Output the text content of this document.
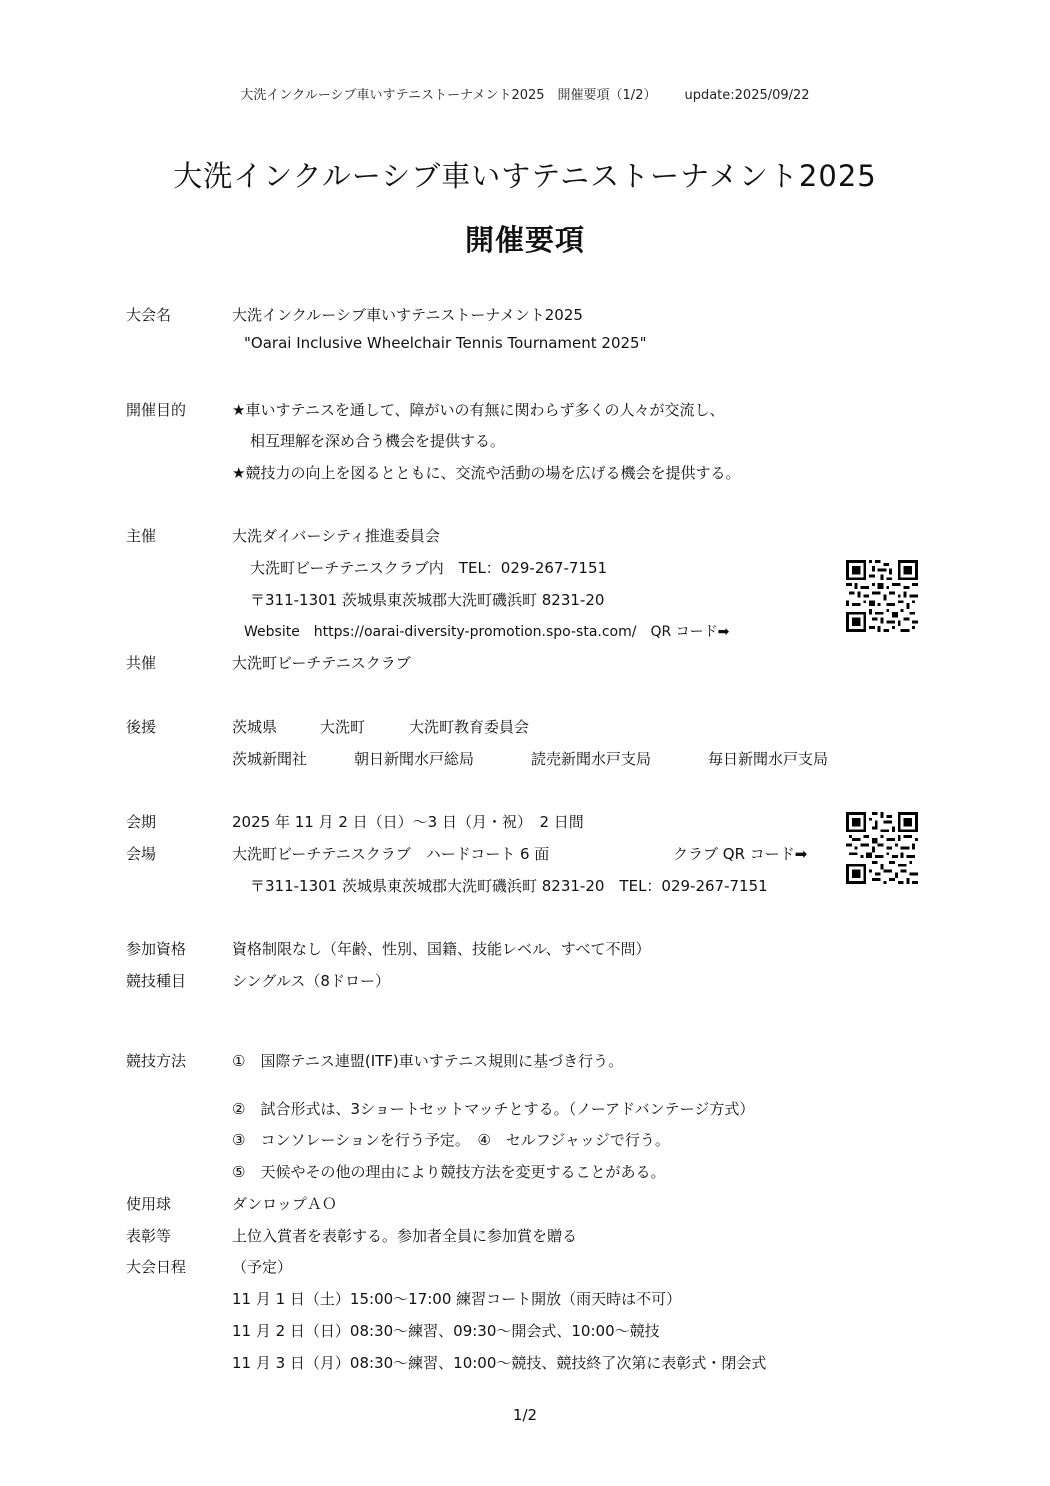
大洗インクルーシブ車いすテニストーナメント2025　開催要項（1/2） update:2025/09/22
大洗インクルーシブ車いすテニストーナメント2025
開催要項
大会名	大洗インクルーシブ車いすテニストーナメント2025
"Oarai Inclusive Wheelchair Tennis Tournament 2025"
開催目的	★車いすテニスを通して、障がいの有無に関わらず多くの人々が交流し、
相互理解を深め合う機会を提供する。
★競技力の向上を図るとともに、交流や活動の場を広げる機会を提供する。
主催	大洗ダイバーシティ推進委員会
大洗町ビーチテニスクラブ内　TEL：029-267-7151
〒311-1301 茨城県東茨城郡大洗町磯浜町 8231-20
Website　https://oarai-diversity-promotion.spo-sta.com/　QR コード➡
共催	大洗町ビーチテニスクラブ
後援	茨城県	大洗町	大洗町教育委員会
茨城新聞社	朝日新聞水戸総局	読売新聞水戸支局	毎日新聞水戸支局
会期	2025 年 11 月 2 日（日）～3 日（月・祝）　2 日間
会場	大洗町ビーチテニスクラブ　ハードコート 6 面	クラブ QR コード➡
〒311-1301 茨城県東茨城郡大洗町磯浜町 8231-20　TEL：029-267-7151
参加資格	資格制限なし（年齢、性別、国籍、技能レベル、すべて不問）
競技種目	シングルス（8ドロー）
競技方法	①　国際テニス連盟(ITF)車いすテニス規則に基づき行う。
②　試合形式は、3ショートセットマッチとする。（ノーアドバンテージ方式）
③　コンソレーションを行う予定。　④　セルフジャッジで行う。
⑤　天候やその他の理由により競技方法を変更することがある。
使用球	ダンロップＡＯ
表彰等	上位入賞者を表彰する。参加者全員に参加賞を贈る
大会日程	（予定）
11 月 1 日（土）15:00～17:00 練習コート開放（雨天時は不可）
11 月 2 日（日）08:30～練習、09:30～開会式、10:00～競技
11 月 3 日（月）08:30～練習、10:00～競技、競技終了次第に表彰式・閉会式
1/2
